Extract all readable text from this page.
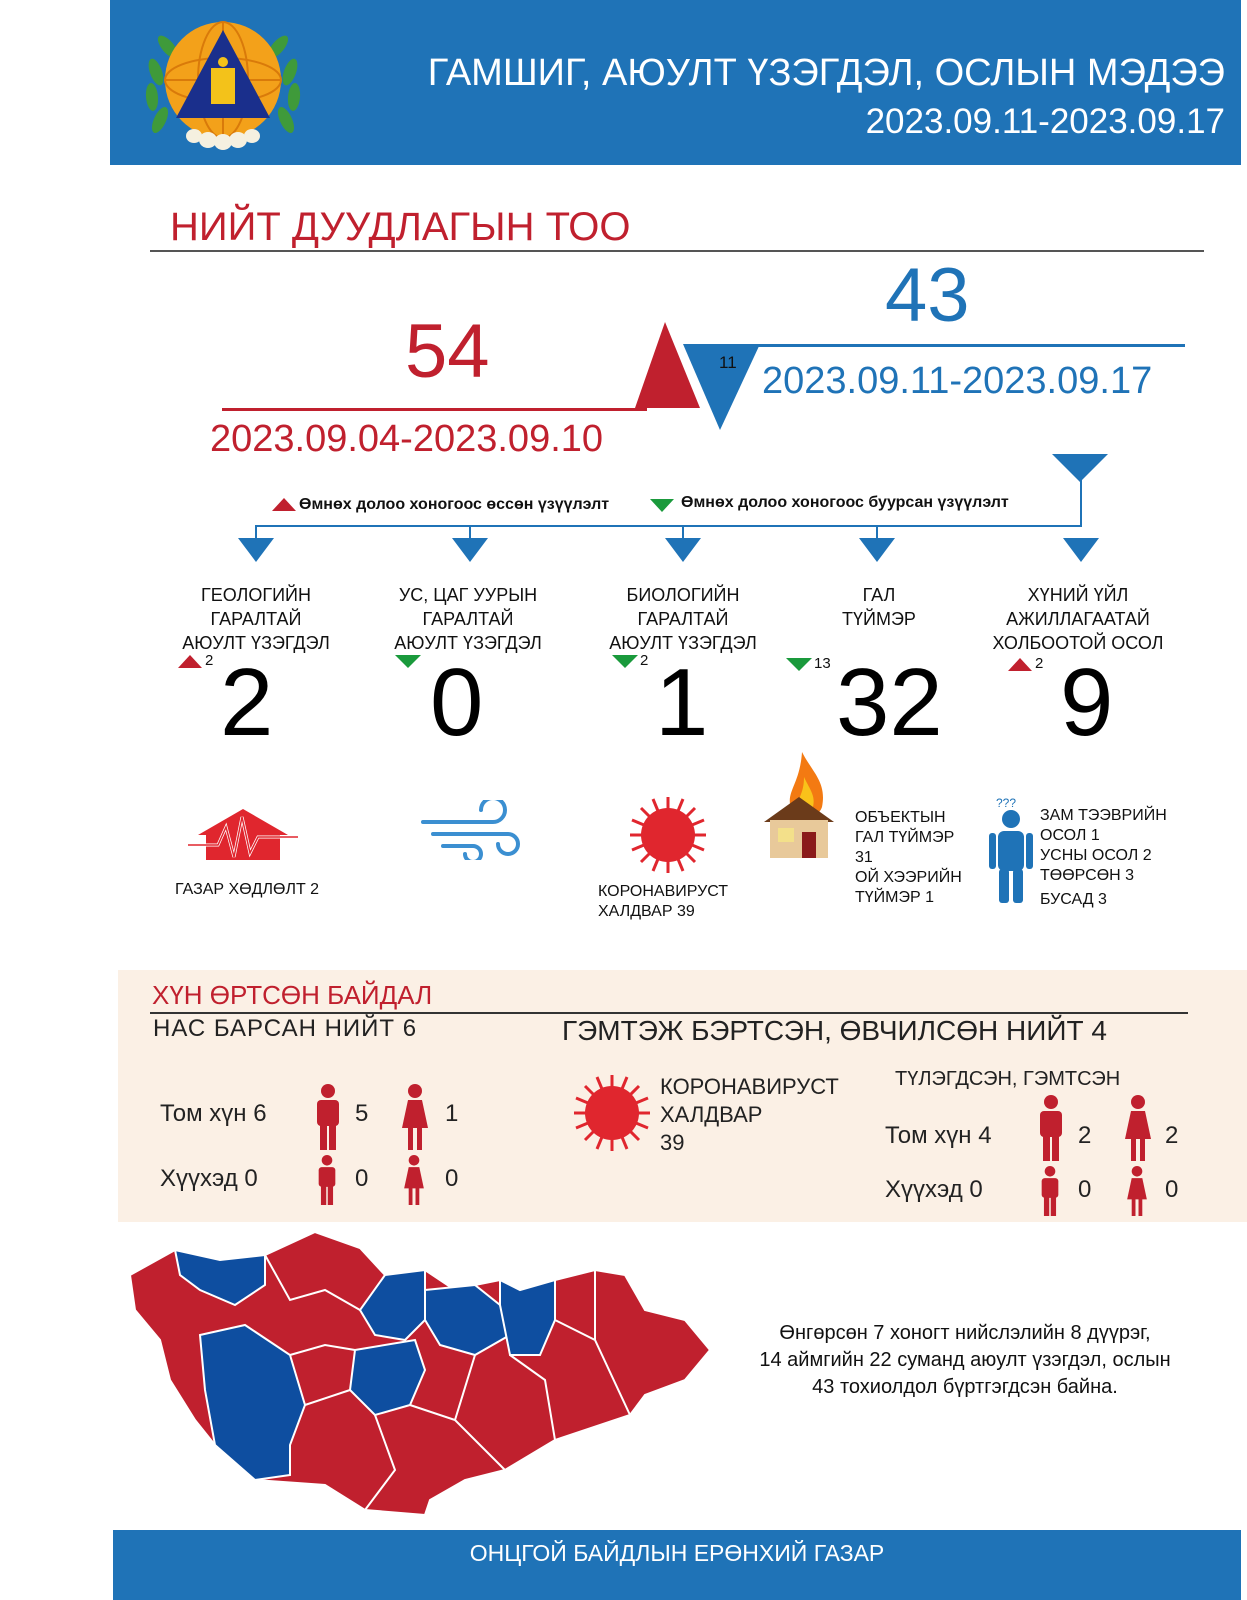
ГАМШИГ, АЮУЛТ ҮЗЭГДЭЛ, ОСЛЫН МЭДЭЭ
2023.09.11-2023.09.17
НИЙТ ДУУДЛАГЫН ТОО
54
2023.09.04-2023.09.10
43
2023.09.11-2023.09.17
11
Өмнөх долоо хоногоос өссөн үзүүлэлт	Өмнөх долоо хоногоос буурсан үзүүлэлт
ГЕОЛОГИЙН
ГАРАЛТАЙ
АЮУЛТ ҮЗЭГДЭЛ
2 2
УС, ЦАГ УУРЫН
ГАРАЛТАЙ
АЮУЛТ ҮЗЭГДЭЛ
0
БИОЛОГИЙН
ГАРАЛТАЙ
АЮУЛТ ҮЗЭГДЭЛ
2 1
ГАЛ
ТҮЙМЭР
13 32
ХҮНИЙ ҮЙЛ
АЖИЛЛАГААТАЙ
ХОЛБООТОЙ ОСОЛ
2 9
ГАЗАР ХӨДЛӨЛТ 2	КОРОНАВИРУСТ
ХАЛДВАР 39
ОБЪЕКТЫН
ГАЛ ТҮЙМЭР
31
ОЙ ХЭЭРИЙН
ТҮЙМЭР 1
???
ЗАМ ТЭЭВРИЙН
ОСОЛ 1
УСНЫ ОСОЛ 2
ТӨӨРСӨН 3
БУСАД 3
ХҮН ӨРТСӨН БАЙДАЛ
НАС БАРСАН НИЙТ 6	ГЭМТЭЖ БЭРТСЭН, ӨВЧИЛСӨН НИЙТ 4
Том хүн 6	5	1
Хүүхэд 0	0	0
КОРОНАВИРУСТ
ХАЛДВАР
39
ТҮЛЭГДСЭН, ГЭМТСЭН
Том хүн 4	2	2
Хүүхэд 0	0	0
Өнгөрсөн 7 хоногт нийслэлийн 8 дүүрэг,
14 аймгийн 22 суманд аюулт үзэгдэл, ослын
43 тохиолдол бүртгэгдсэн байна.
ОНЦГОЙ БАЙДЛЫН ЕРӨНХИЙ ГАЗАР
